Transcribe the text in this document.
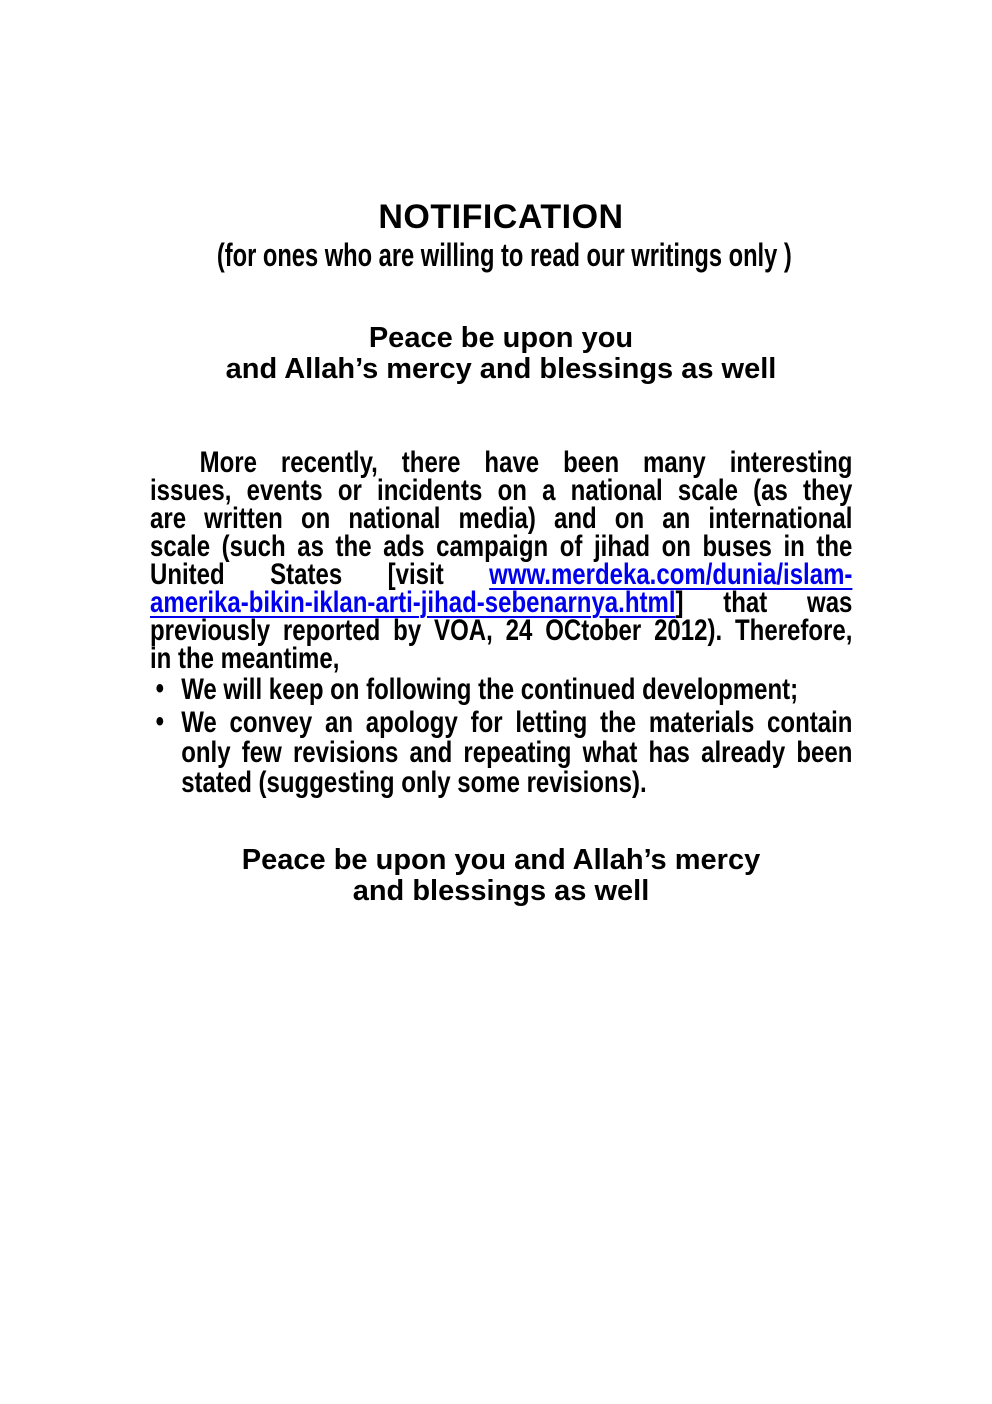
NOTIFICATION
(for ones who are willing to read our writings only )
Peace be upon you
and Allah’s mercy and blessings as well
More recently, there have been many interesting
issues, events or incidents on a national scale (as they
are written on national media) and on an international
scale (such as the ads campaign of jihad on buses in the
United States [visit www.merdeka.com/dunia/islam-
amerika-bikin-iklan-arti-jihad-sebenarnya.html] that was
previously reported by VOA, 24 OCtober 2012). Therefore,
in the meantime,
• We will keep on following the continued development;
• We convey an apology for letting the materials contain
only few revisions and repeating what has already been
stated (suggesting only some revisions).
Peace be upon you and Allah’s mercy
and blessings as well
